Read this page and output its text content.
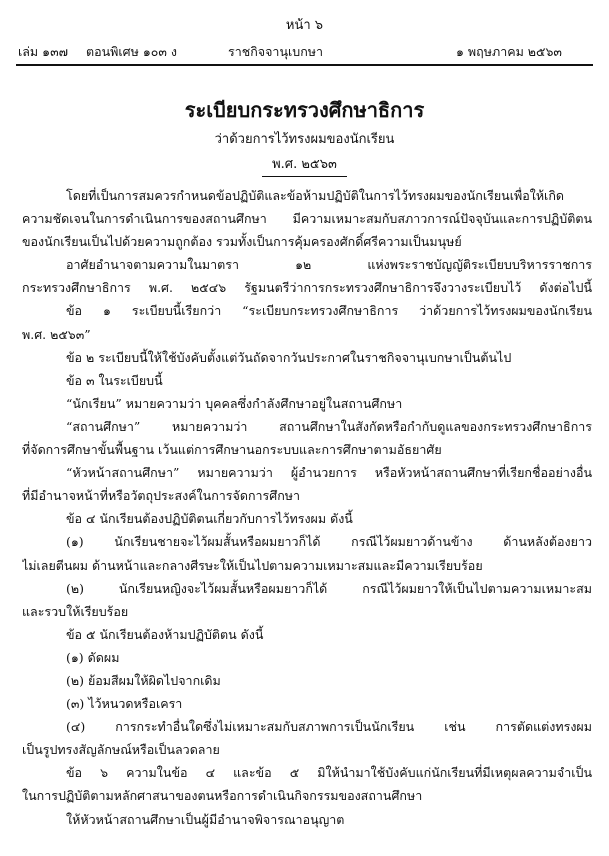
หน้า ๖
เล่ม ๑๓๗ ตอนพิเศษ ๑๐๓ ง	ราชกิจจานุเบกษา	๑ พฤษภาคม ๒๕๖๓
ระเบียบกระทรวงศึกษาธิการ
ว่าด้วยการไว้ทรงผมของนักเรียน
พ.ศ. ๒๕๖๓
โดยที่เป็นการสมควรกำหนดข้อปฏิบัติและข้อห้ามปฏิบัติในการไว้ทรงผมของนักเรียนเพื่อให้เกิด
ความชัดเจนในการดำเนินการของสถานศึกษา มีความเหมาะสมกับสภาวการณ์ปัจจุบันและการปฏิบัติตน
ของนักเรียนเป็นไปด้วยความถูกต้อง รวมทั้งเป็นการคุ้มครองศักดิ์ศรีความเป็นมนุษย์
อาศัยอำนาจตามความในมาตรา ๑๒ แห่งพระราชบัญญัติระเบียบบริหารราชการ
กระทรวงศึกษาธิการ พ.ศ. ๒๕๔๖ รัฐมนตรีว่าการกระทรวงศึกษาธิการจึงวางระเบียบไว้ ดังต่อไปนี้
ข้อ ๑ ระเบียบนี้เรียกว่า “ระเบียบกระทรวงศึกษาธิการ ว่าด้วยการไว้ทรงผมของนักเรียน
พ.ศ. ๒๕๖๓”
ข้อ ๒ ระเบียบนี้ให้ใช้บังคับตั้งแต่วันถัดจากวันประกาศในราชกิจจานุเบกษาเป็นต้นไป
ข้อ ๓ ในระเบียบนี้
“นักเรียน” หมายความว่า บุคคลซึ่งกำลังศึกษาอยู่ในสถานศึกษา
“สถานศึกษา” หมายความว่า สถานศึกษาในสังกัดหรือกำกับดูแลของกระทรวงศึกษาธิการ
ที่จัดการศึกษาขั้นพื้นฐาน เว้นแต่การศึกษานอกระบบและการศึกษาตามอัธยาศัย
“หัวหน้าสถานศึกษา” หมายความว่า ผู้อำนวยการ หรือหัวหน้าสถานศึกษาที่เรียกชื่ออย่างอื่น
ที่มีอำนาจหน้าที่หรือวัตถุประสงค์ในการจัดการศึกษา
ข้อ ๔ นักเรียนต้องปฏิบัติตนเกี่ยวกับการไว้ทรงผม ดังนี้
(๑) นักเรียนชายจะไว้ผมสั้นหรือผมยาวก็ได้ กรณีไว้ผมยาวด้านข้าง ด้านหลังต้องยาว
ไม่เลยตีนผม ด้านหน้าและกลางศีรษะให้เป็นไปตามความเหมาะสมและมีความเรียบร้อย
(๒) นักเรียนหญิงจะไว้ผมสั้นหรือผมยาวก็ได้ กรณีไว้ผมยาวให้เป็นไปตามความเหมาะสม
และรวบให้เรียบร้อย
ข้อ ๕ นักเรียนต้องห้ามปฏิบัติตน ดังนี้
(๑) ดัดผม
(๒) ย้อมสีผมให้ผิดไปจากเดิม
(๓) ไว้หนวดหรือเครา
(๔) การกระทำอื่นใดซึ่งไม่เหมาะสมกับสภาพการเป็นนักเรียน เช่น การตัดแต่งทรงผม
เป็นรูปทรงสัญลักษณ์หรือเป็นลวดลาย
ข้อ ๖ ความในข้อ ๔ และข้อ ๕ มิให้นำมาใช้บังคับแก่นักเรียนที่มีเหตุผลความจำเป็น
ในการปฏิบัติตามหลักศาสนาของตนหรือการดำเนินกิจกรรมของสถานศึกษา
ให้หัวหน้าสถานศึกษาเป็นผู้มีอำนาจพิจารณาอนุญาต
